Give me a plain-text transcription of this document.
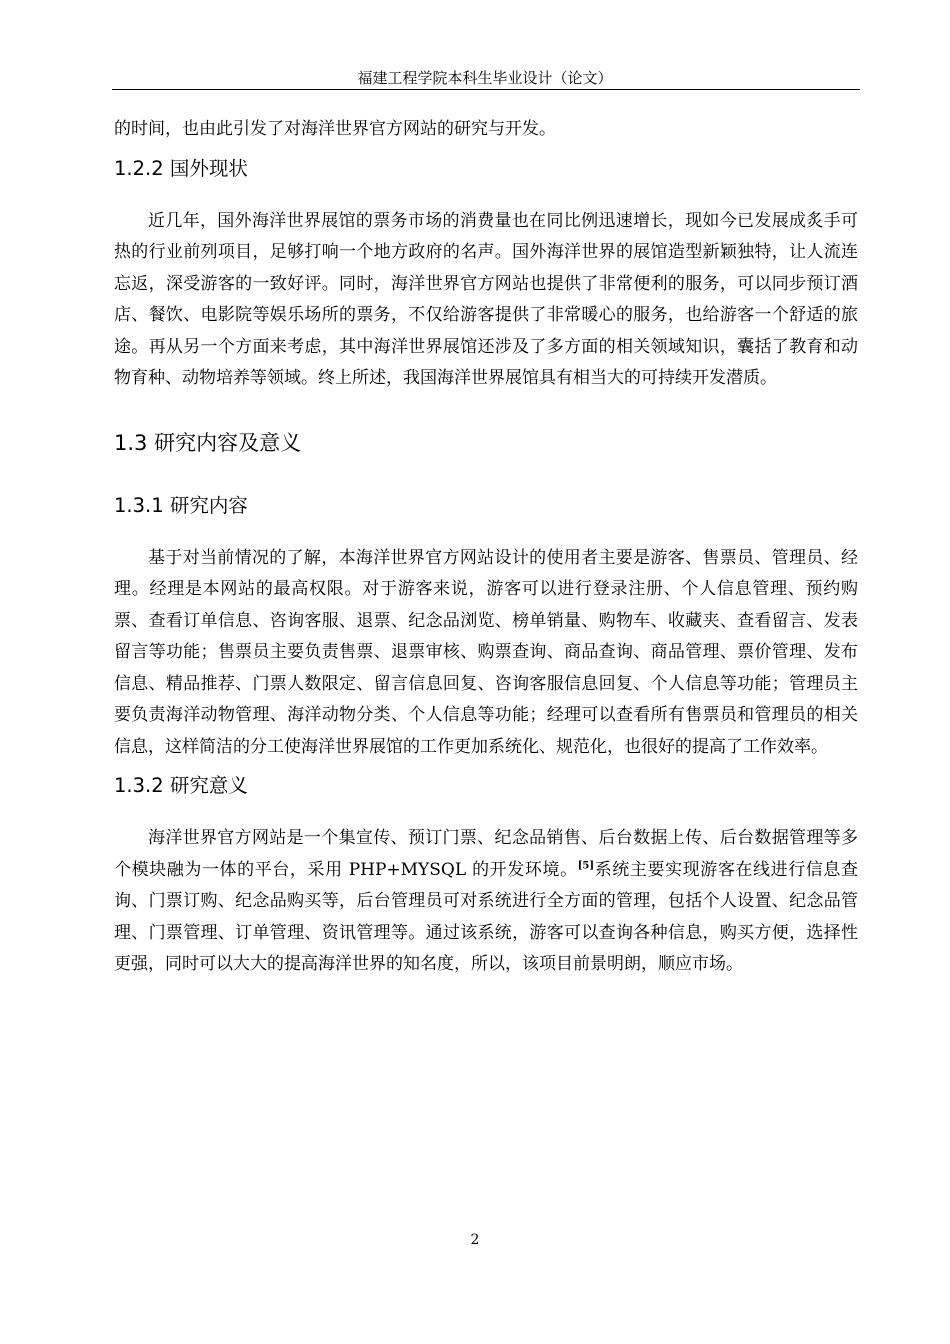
福建工程学院本科生毕业设计（论文）

的时间，也由此引发了对海洋世界官方网站的研究与开发。

1.2.2 国外现状

近几年，国外海洋世界展馆的票务市场的消费量也在同比例迅速增长，现如今已发展成炙手可热的行业前列项目，足够打响一个地方政府的名声。国外海洋世界的展馆造型新颖独特，让人流连忘返，深受游客的一致好评。同时，海洋世界官方网站也提供了非常便利的服务，可以同步预订酒店、餐饮、电影院等娱乐场所的票务，不仅给游客提供了非常暖心的服务，也给游客一个舒适的旅途。再从另一个方面来考虑，其中海洋世界展馆还涉及了多方面的相关领域知识，囊括了教育和动物育种、动物培养等领域。终上所述，我国海洋世界展馆具有相当大的可持续开发潜质。

1.3 研究内容及意义
1.3.1 研究内容

基于对当前情况的了解，本海洋世界官方网站设计的使用者主要是游客、售票员、管理员、经理。经理是本网站的最高权限。对于游客来说，游客可以进行登录注册、个人信息管理、预约购票、查看订单信息、咨询客服、退票、纪念品浏览、榜单销量、购物车、收藏夹、查看留言、发表留言等功能；售票员主要负责售票、退票审核、购票查询、商品查询、商品管理、票价管理、发布信息、精品推荐、门票人数限定、留言信息回复、咨询客服信息回复、个人信息等功能；管理员主要负责海洋动物管理、海洋动物分类、个人信息等功能；经理可以查看所有售票员和管理员的相关信息，这样简洁的分工使海洋世界展馆的工作更加系统化、规范化，也很好的提高了工作效率。

1.3.2 研究意义

海洋世界官方网站是一个集宣传、预订门票、纪念品销售、后台数据上传、后台数据管理等多个模块融为一体的平台，采用 PHP+MYSQL 的开发环境。[5]系统主要实现游客在线进行信息查询、门票订购、纪念品购买等，后台管理员可对系统进行全方面的管理，包括个人设置、纪念品管理、门票管理、订单管理、资讯管理等。通过该系统，游客可以查询各种信息，购买方便，选择性更强，同时可以大大的提高海洋世界的知名度，所以，该项目前景明朗，顺应市场。

2
